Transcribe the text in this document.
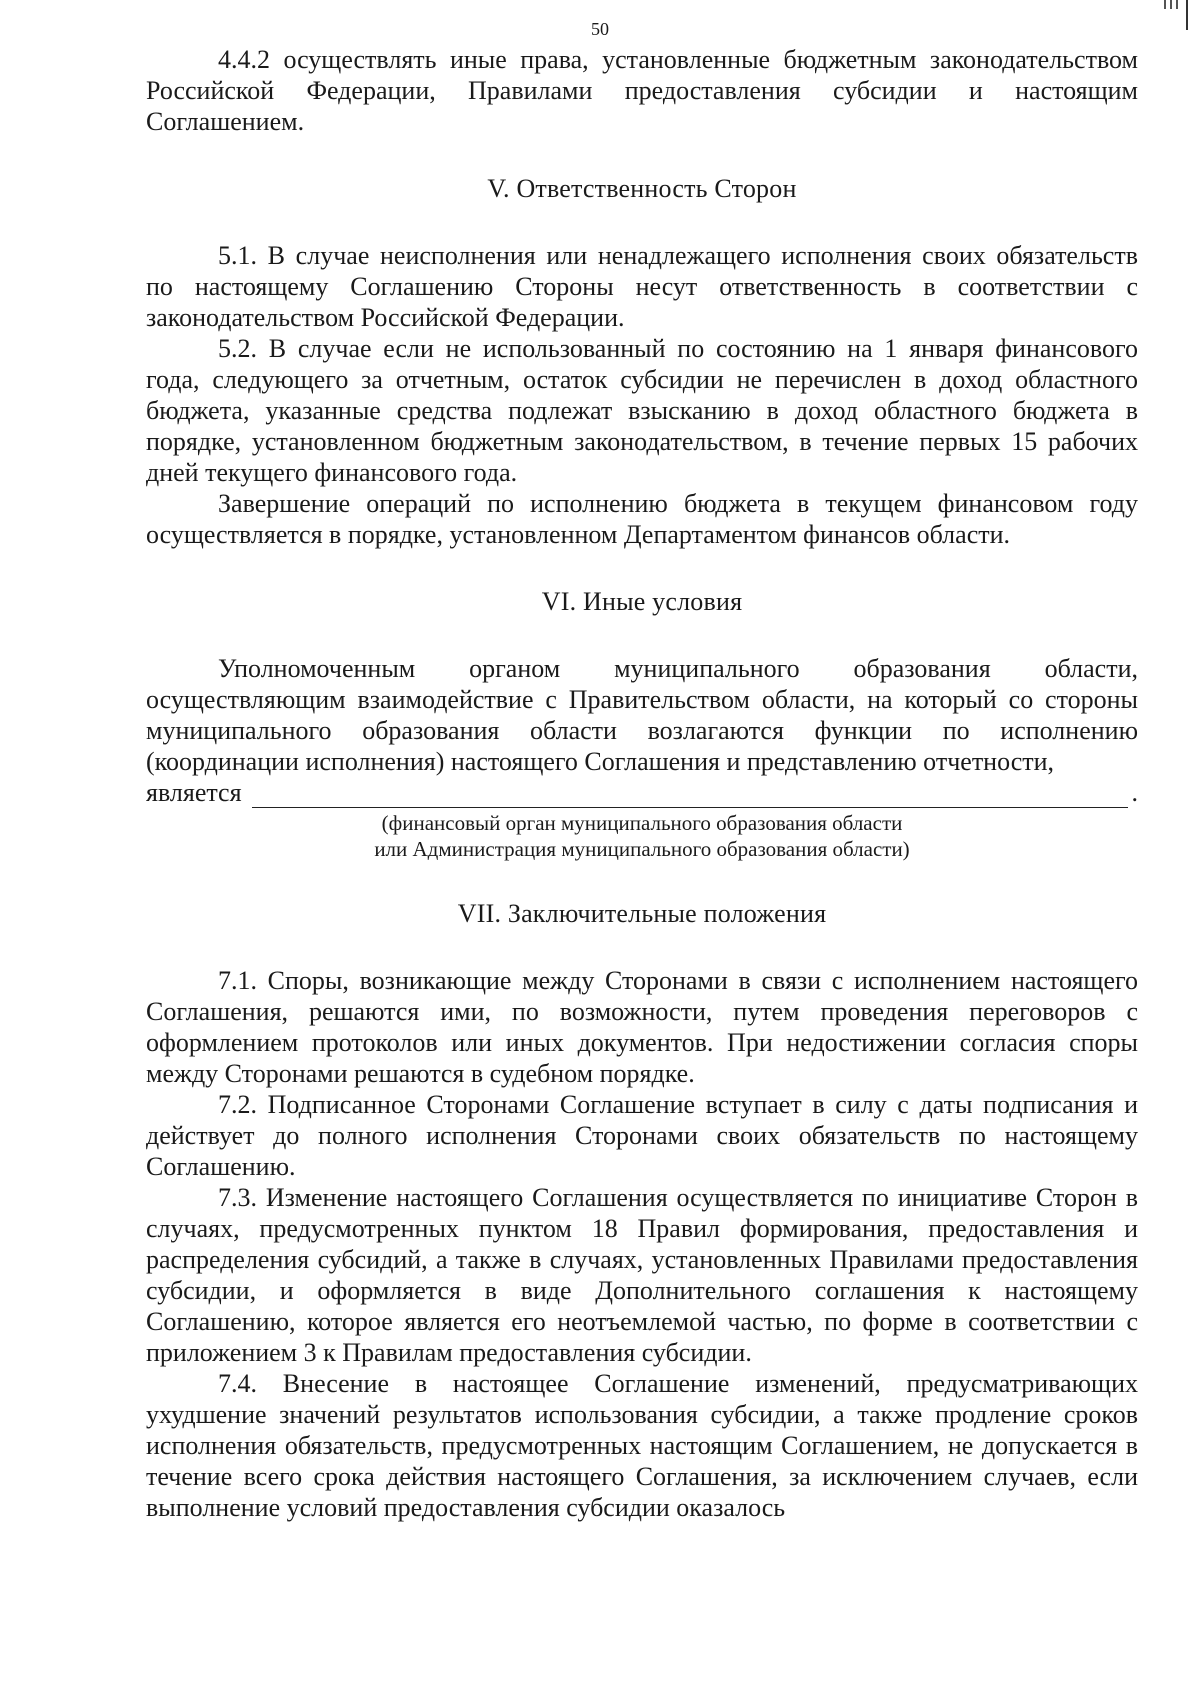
50

4.4.2 осуществлять иные права, установленные бюджетным законодательством Российской Федерации, Правилами предоставления субсидии и настоящим Соглашением.

V. Ответственность Сторон

5.1. В случае неисполнения или ненадлежащего исполнения своих обязательств по настоящему Соглашению Стороны несут ответственность в соответствии с законодательством Российской Федерации.

5.2. В случае если не использованный по состоянию на 1 января финансового года, следующего за отчетным, остаток субсидии не перечислен в доход областного бюджета, указанные средства подлежат взысканию в доход областного бюджета в порядке, установленном бюджетным законодательством, в течение первых 15 рабочих дней текущего финансового года.

Завершение операций по исполнению бюджета в текущем финансовом году осуществляется в порядке, установленном Департаментом финансов области.

VI. Иные условия

Уполномоченным органом муниципального образования области, осуществляющим взаимодействие с Правительством области, на который со стороны муниципального образования области возлагаются функции по исполнению (координации исполнения) настоящего Соглашения и представлению отчетности,

является	.
(финансовый орган муниципального образования области
или Администрация муниципального образования области)
VII. Заключительные положения

7.1. Споры, возникающие между Сторонами в связи с исполнением настоящего Соглашения, решаются ими, по возможности, путем проведения переговоров с оформлением протоколов или иных документов. При недостижении согласия споры между Сторонами решаются в судебном порядке.

7.2. Подписанное Сторонами Соглашение вступает в силу с даты подписания и действует до полного исполнения Сторонами своих обязательств по настоящему Соглашению.

7.3. Изменение настоящего Соглашения осуществляется по инициативе Сторон в случаях, предусмотренных пунктом 18 Правил формирования, предоставления и распределения субсидий, а также в случаях, установленных Правилами предоставления субсидии, и оформляется в виде Дополнительного соглашения к настоящему Соглашению, которое является его неотъемлемой частью, по форме в соответствии с приложением 3 к Правилам предоставления субсидии.

7.4. Внесение в настоящее Соглашение изменений, предусматривающих ухудшение значений результатов использования субсидии, а также продление сроков исполнения обязательств, предусмотренных настоящим Соглашением, не допускается в течение всего срока действия настоящего Соглашения, за исключением случаев, если выполнение условий предоставления субсидии оказалось
